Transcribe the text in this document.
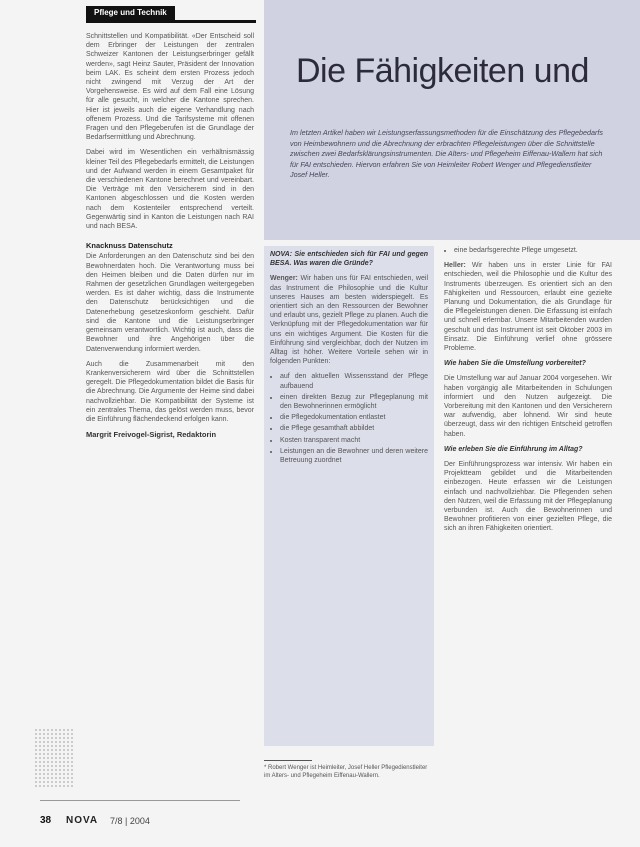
Pflege und Technik

Schnittstellen und Kompatibilität. «Der Entscheid soll dem Erbringer der Leistungen der zentralen Schweizer Kantonen der Leistungserbringer gefällt werden», sagt Heinz Sauter, Präsident der Innovation beim LAK. Es scheint dem ersten Prozess jedoch nicht zwingend mit Verzug der Art der Vorgehensweise. Es wird auf dem Fall eine Lösung für alle gesucht, in welcher die Kantone sprechen. Hier ist jeweils auch die eigene Verhandlung nach offenem Prozess. Und die Tarifsysteme mit offenen Fragen und den Pflegeberufen ist die Grundlage der Bedarfsermittlung und Abrechnung.

Dabei wird im Wesentlichen ein verhältnismässig kleiner Teil des Pflegebedarfs ermittelt, die Leistungen und der Aufwand werden in einem Gesamtpaket für die verschiedenen Kantone berechnet und vereinbart. Die Verträge mit den Versicherern sind in den Kantonen abgeschlossen und die Kosten werden nach dem Kostenteiler entsprechend verteilt. Gegenwärtig sind in Kanton die Leistungen nach RAI und nach BESA.

Knacknuss Datenschutz

Die Anforderungen an den Datenschutz sind bei den Bewohnerdaten hoch. Die Verantwortung muss bei den Heimen bleiben und die Daten dürfen nur im Rahmen der gesetzlichen Grundlagen weitergegeben werden. Es ist daher wichtig, dass die Instrumente den Datenschutz berücksichtigen und die Datenerhebung gesetzeskonform geschieht. Dafür sind die Kantone und die Leistungserbringer gemeinsam verantwortlich. Wichtig ist auch, dass die Bewohner und ihre Angehörigen über die Datenverwendung informiert werden.

Auch die Zusammenarbeit mit den Krankenversicherern wird über die Schnittstellen geregelt. Die Pflegedokumentation bildet die Basis für die Abrechnung. Die Argumente der Heime sind dabei nachvollziehbar. Die Kompatibilität der Systeme ist ein zentrales Thema, das gelöst werden muss, bevor die Einführung flächendeckend erfolgen kann.

Margrit Freivogel-Sigrist, Redaktorin
Die Fähigkeiten und
Im letzten Artikel haben wir Leistungserfassungsmethoden für die Einschätzung des Pflegebedarfs von Heimbewohnern und die Abrechnung der erbrachten Pflegeleistungen über die Schnittstelle zwischen zwei Bedarfsklärungsinstrumenten. Die Alters- und Pflegeheim Eiffenau-Wallern hat sich für FAI entschieden. Hiervon erfahren Sie von Heimleiter Robert Wenger und Pflegedienstleiter Josef Heller.

NOVA: Sie entschieden sich für FAI und gegen BESA. Was waren die Gründe?

Wenger: Wir haben uns für FAI entschieden, weil das Instrument die Philosophie und die Kultur unseres Hauses am besten widerspiegelt. Es orientiert sich an den Ressourcen der Bewohner und erlaubt uns, gezielt Pflege zu planen. Auch die Verknüpfung mit der Pflegedokumentation war für uns ein wichtiges Argument. Die Kosten für die Einführung sind vergleichbar, doch der Nutzen im Alltag ist höher. Weitere Vorteile sehen wir in folgenden Punkten:

• auf den aktuellen Wissensstand der Pflege aufbauend
• einen direkten Bezug zur Pflegeplanung mit den Bewohnerinnen ermöglicht
• die Pflegedokumentation entlastet
• die Pflege gesamthaft abbildet
• Kosten transparent macht
• Leistungen an die Bewohner und deren weitere Betreuung zuordnet
* Robert Wenger ist Heimleiter, Josef Heller Pflegedienstleiter im Alters- und Pflegeheim Eiffenau-Wallern.
• eine bedarfsgerechte Pflege umgesetzt.

Heller: Wir haben uns in erster Linie für FAI entschieden, weil die Philosophie und die Kultur des Instruments überzeugen. Es orientiert sich an den Fähigkeiten und Ressourcen, erlaubt eine gezielte Planung und Dokumentation, die als Grundlage für die Pflegeleistungen dienen. Die Erfassung ist einfach und schnell erlernbar. Unsere Mitarbeitenden wurden geschult und das Instrument ist seit Oktober 2003 im Einsatz. Die Einführung verlief ohne grössere Probleme.

Wie haben Sie die Umstellung vorbereitet?

Die Umstellung war auf Januar 2004 vorgesehen. Wir haben vorgängig alle Mitarbeitenden in Schulungen informiert und den Nutzen aufgezeigt. Die Vorbereitung mit den Kantonen und den Versicherern war aufwendig, aber lohnend. Wir sind heute überzeugt, dass wir den richtigen Entscheid getroffen haben.

Wie erleben Sie die Einführung im Alltag?

Der Einführungsprozess war intensiv. Wir haben ein Projektteam gebildet und die Mitarbeitenden einbezogen. Heute erfassen wir die Leistungen einfach und nachvollziehbar. Die Pflegenden sehen den Nutzen, weil die Erfassung mit der Pflegeplanung verbunden ist. Auch die Bewohnerinnen und Bewohner profitieren von einer gezielten Pflege, die sich an ihren Fähigkeiten orientiert.

38 NOVA 7/8 | 2004
